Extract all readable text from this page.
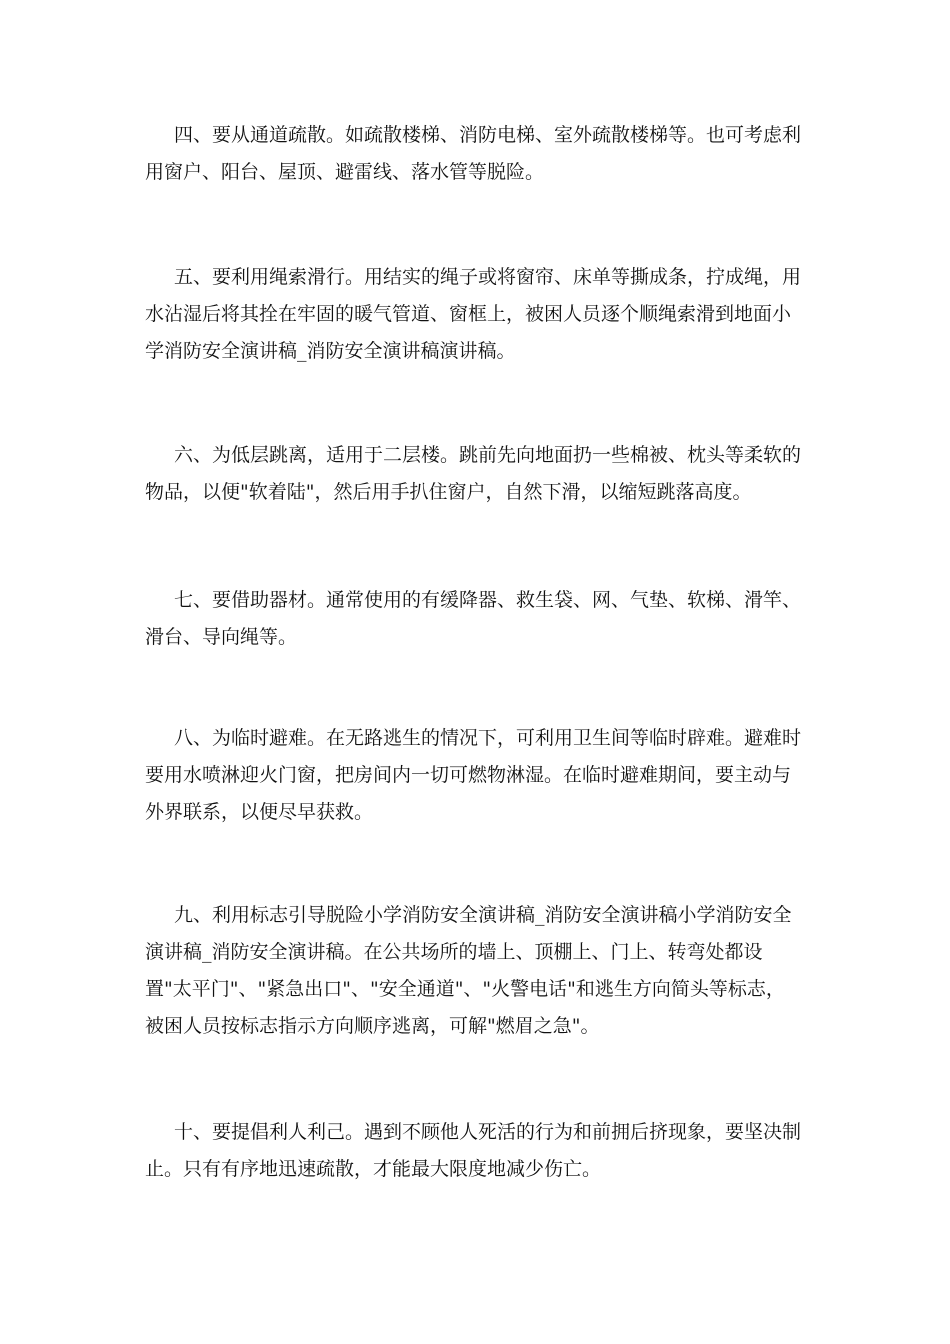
四、要从通道疏散。如疏散楼梯、消防电梯、室外疏散楼梯等。也可考虑利
用窗户、阳台、屋顶、避雷线、落水管等脱险。

五、要利用绳索滑行。用结实的绳子或将窗帘、床单等撕成条，拧成绳，用
水沾湿后将其拴在牢固的暖气管道、窗框上，被困人员逐个顺绳索滑到地面小
学消防安全演讲稿_消防安全演讲稿演讲稿。

六、为低层跳离，适用于二层楼。跳前先向地面扔一些棉被、枕头等柔软的
物品，以便"软着陆"，然后用手扒住窗户，自然下滑，以缩短跳落高度。

七、要借助器材。通常使用的有缓降器、救生袋、网、气垫、软梯、滑竿、
滑台、导向绳等。

八、为临时避难。在无路逃生的情况下，可利用卫生间等临时辟难。避难时
要用水喷淋迎火门窗，把房间内一切可燃物淋湿。在临时避难期间，要主动与
外界联系，以便尽早获救。

九、利用标志引导脱险小学消防安全演讲稿_消防安全演讲稿小学消防安全
演讲稿_消防安全演讲稿。在公共场所的墙上、顶棚上、门上、转弯处都设
置"太平门"、"紧急出口"、"安全通道"、"火警电话"和逃生方向简头等标志，
被困人员按标志指示方向顺序逃离，可解"燃眉之急"。

十、要提倡利人利己。遇到不顾他人死活的行为和前拥后挤现象，要坚决制
止。只有有序地迅速疏散，才能最大限度地减少伤亡。
